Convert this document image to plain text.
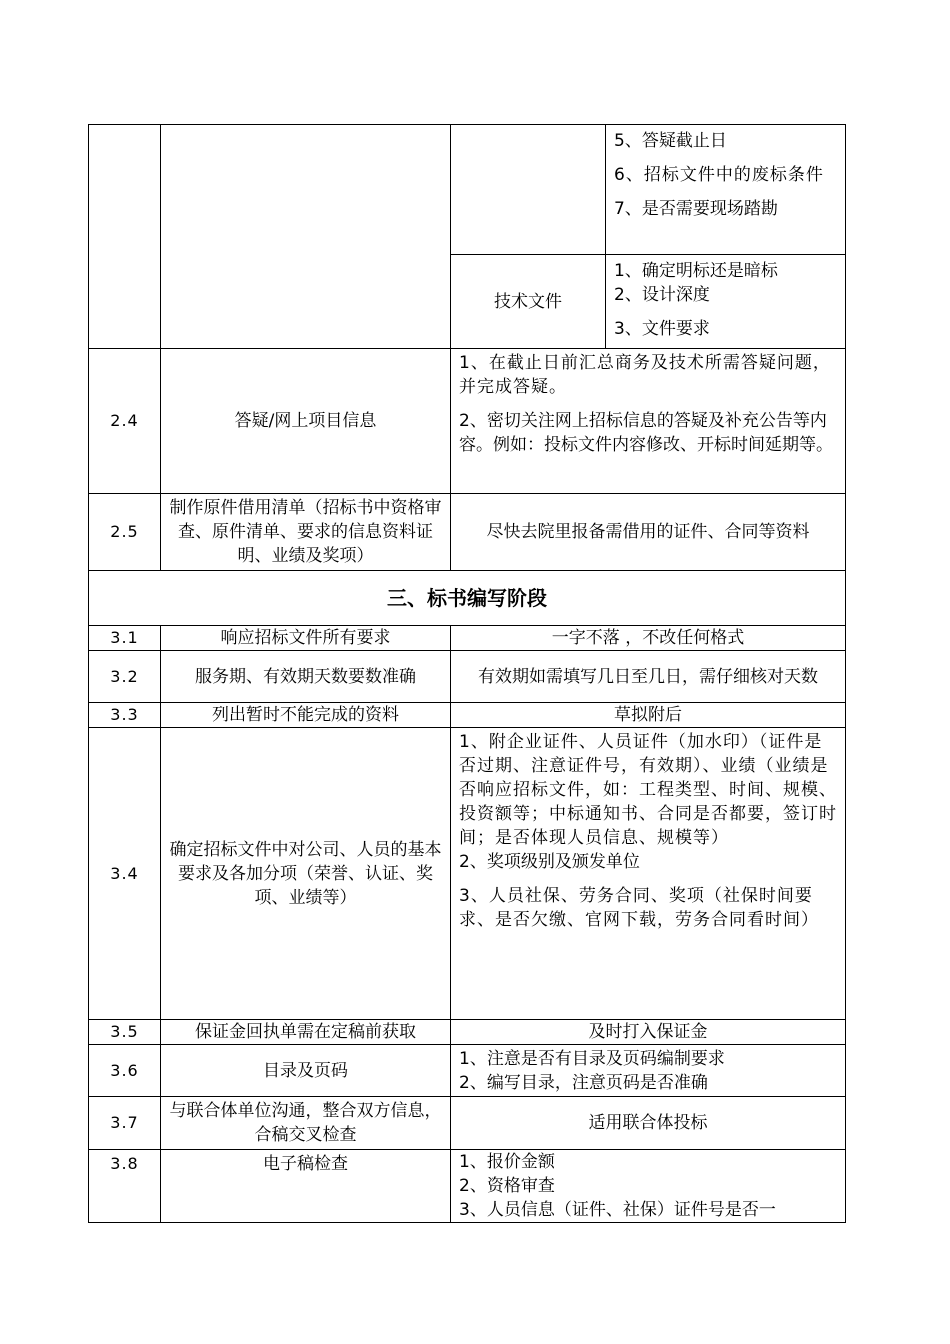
			5、答疑截止日

6、招标文件中的废标条件

7、是否需要现场踏勘

		技术文件	1、确定明标还是暗标

2、设计深度

3、文件要求

2.4	答疑/网上项目信息	1、在截止日前汇总商务及技术所需答疑问题，并完成答疑。

2、密切关注网上招标信息的答疑及补充公告等内容。例如：投标文件内容修改、开标时间延期等。	

2.5	制作原件借用清单（招标书中资格审查、原件清单、要求的信息资料证明、业绩及奖项）	尽快去院里报备需借用的证件、合同等资料	
三、标书编写阶段			
3.1	响应招标文件所有要求	一字不落 ，不改任何格式	
3.2	服务期、有效期天数要数准确	有效期如需填写几日至几日，需仔细核对天数	
3.3	列出暂时不能完成的资料	草拟附后	
3.4	确定招标文件中对公司、人员的基本要求及各加分项（荣誉、认证、奖项、业绩等）	1、附企业证件、人员证件（加水印）（证件是否过期、注意证件号，有效期）、业绩（业绩是否响应招标文件，如：工程类型、时间、规模、投资额等；中标通知书、合同是否都要，签订时间；是否体现人员信息、规模等）

2、奖项级别及颁发单位

3、人员社保、劳务合同、奖项（社保时间要求、是否欠缴、官网下载，劳务合同看时间）	

3.5	保证金回执单需在定稿前获取	及时打入保证金	
3.6	目录及页码	1、注意是否有目录及页码编制要求

2、编写目录，注意页码是否准确	

3.7	与联合体单位沟通，整合双方信息，合稿交叉检查	适用联合体投标	
3.8	电子稿检查	1、报价金额

2、资格审查

3、人员信息（证件、社保）证件号是否一	
